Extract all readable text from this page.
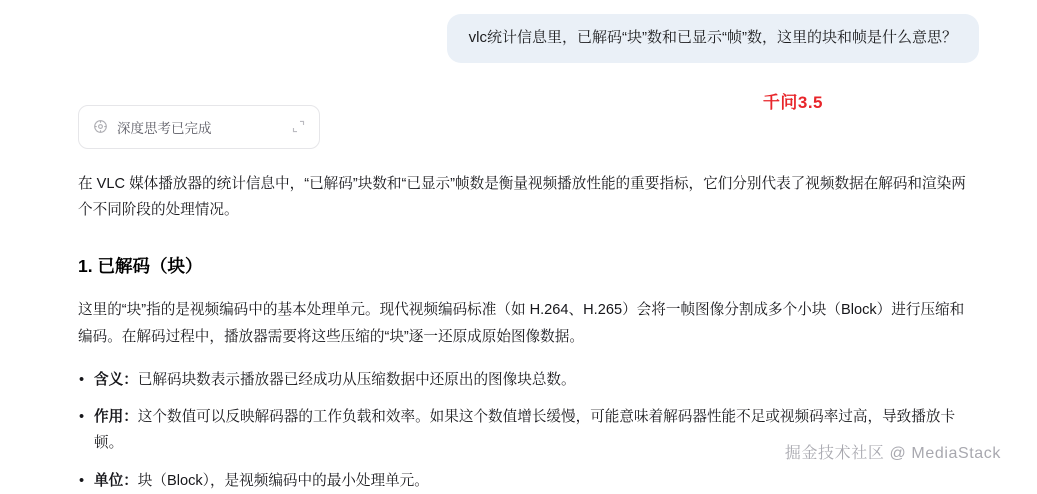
vlc统计信息里，已解码“块”数和已显示“帧”数，这里的块和帧是什么意思？
千问3.5
深度思考已完成

在 VLC 媒体播放器的统计信息中，“已解码”块数和“已显示”帧数是衡量视频播放性能的重要指标，它们分别代表了视频数据在解码和渲染两个不同阶段的处理情况。

1. 已解码（块）

这里的“块”指的是视频编码中的基本处理单元。现代视频编码标准（如 H.264、H.265）会将一帧图像分割成多个小块（Block）进行压缩和编码。在解码过程中，播放器需要将这些压缩的“块”逐一还原成原始图像数据。

• 含义：已解码块数表示播放器已经成功从压缩数据中还原出的图像块总数。
• 作用：这个数值可以反映解码器的工作负载和效率。如果这个数值增长缓慢，可能意味着解码器性能不足或视频码率过高，导致播放卡顿。
• 单位：块（Block），是视频编码中的最小处理单元。
掘金技术社区 @ MediaStack
